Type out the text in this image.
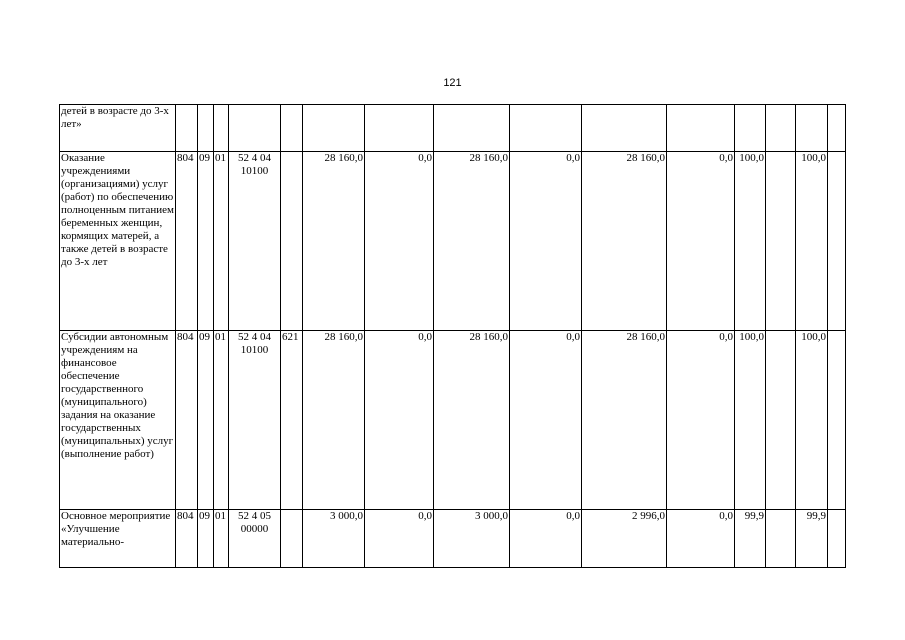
121
детей в возрасте до 3-х лет»															
Оказание учреждениями (организациями) услуг (работ) по обеспечению полноценным питанием беременных женщин, кормящих матерей, а также детей в возрасте до 3-х лет	804	09	01	52 4 04 10100		28 160,0	0,0	28 160,0	0,0	28 160,0	0,0	100,0		100,0	
Субсидии автономным учреждениям на финансовое обеспечение государственного (муниципального) задания на оказание государственных (муниципальных) услуг (выполнение работ)	804	09	01	52 4 04 10100	621	28 160,0	0,0	28 160,0	0,0	28 160,0	0,0	100,0		100,0	
Основное мероприятие «Улучшение материально-	804	09	01	52 4 05 00000		3 000,0	0,0	3 000,0	0,0	2 996,0	0,0	99,9		99,9	
